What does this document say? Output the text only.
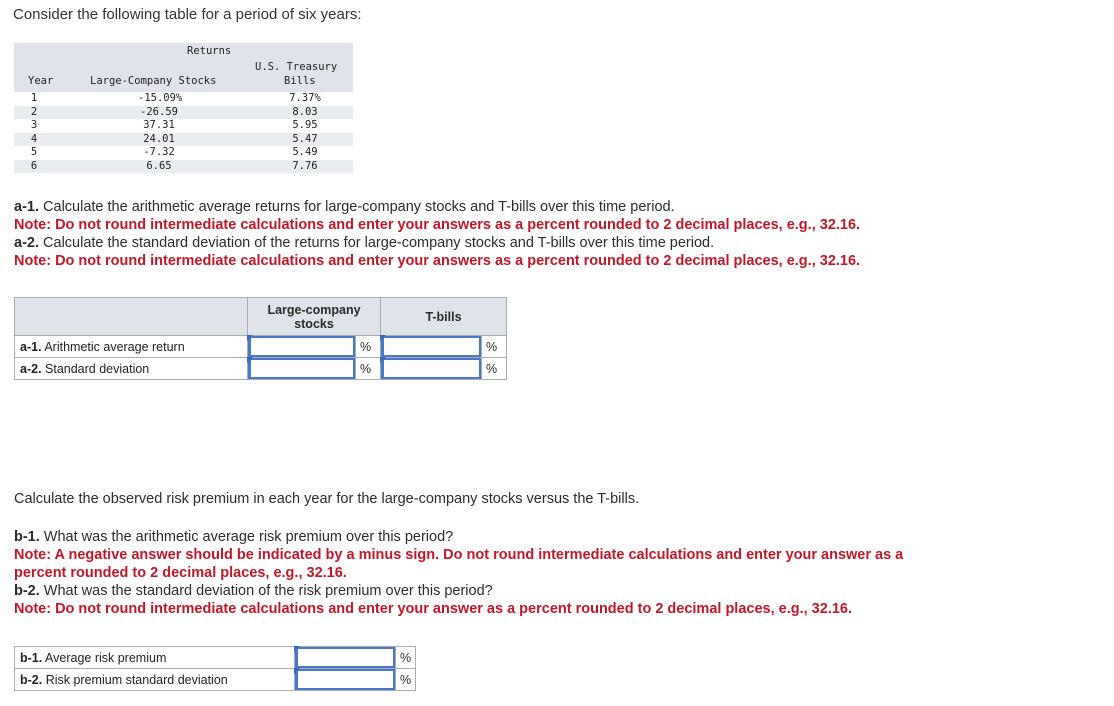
Consider the following table for a period of six years:
Returns
U.S. Treasury
Bills
Year	Large-Company Stocks
1	-15.09%	7.37%
2	-26.59	8.03
3	37.31	5.95
4	24.01	5.47
5	-7.32	5.49
6	6.65	7.76
a-1. Calculate the arithmetic average returns for large-company stocks and T-bills over this time period.
Note: Do not round intermediate calculations and enter your answers as a percent rounded to 2 decimal places, e.g., 32.16.
a-2. Calculate the standard deviation of the returns for large-company stocks and T-bills over this time period.
Note: Do not round intermediate calculations and enter your answers as a percent rounded to 2 decimal places, e.g., 32.16.

	Large-company
stocks		T-bills	
a-1. Arithmetic average return		%		%
a-2. Standard deviation		%		%
Calculate the observed risk premium in each year for the large-company stocks versus the T-bills.
b-1. What was the arithmetic average risk premium over this period?
Note: A negative answer should be indicated by a minus sign. Do not round intermediate calculations and enter your answer as a
percent rounded to 2 decimal places, e.g., 32.16.
b-2. What was the standard deviation of the risk premium over this period?
Note: Do not round intermediate calculations and enter your answer as a percent rounded to 2 decimal places, e.g., 32.16.
b-1. Average risk premium		%
b-2. Risk premium standard deviation		%
